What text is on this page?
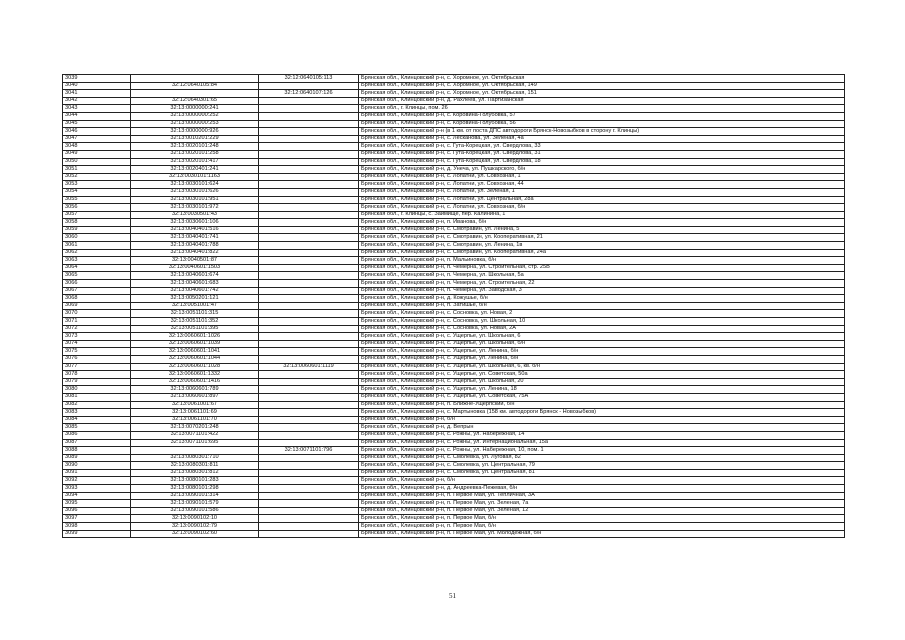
3039		32:12:0640105:113	Брянская обл., Клинцовский р-н, с. Хоромное, ул. Октябрьская
3040	32:12:0640105:84		Брянская обл., Клинцовский р-н, с. Хоромное, ул. Октябрьская, 149
3041		32:12:0640107:126	Брянская обл., Клинцовский р-н, с. Хоромное, ул. Октябрьская, 151
3042	32:12:0640301:65		Брянская обл., Клинцовский р-н, д. Рахлеев, ул. Партизанская
3043	32:13:0000000:241		Брянская обл., г. Клинцы, пом. 26
3044	32:13:0000000:252		Брянская обл., Клинцовский р-н, с. Коровина-Голубовка, 57
3045	32:13:0000000:253		Брянская обл., Клинцовский р-н, с. Коровина-Голубовка, 56
3046	32:13:0000000:926		Брянская обл., Клинцовский р-н (в 1 км. от поста ДПС автодороги Брянск-Новозыбков в сторону г. Клинцы)
3047	32:13:0010201:229		Брянская обл., Клинцовский р-н, с. Лесканова, ул. Зеленая, 4а
3048	32:13:0020101:248		Брянская обл., Клинцовский р-н, с. Гута-Корецкая, ул. Свердлова, 33
3049	32:13:0020101:258		Брянская обл., Клинцовский р-н, с. Гута-Корецкая, ул. Свердлова, 31
3050	32:13:0020101:417		Брянская обл., Клинцовский р-н, с. Гута-Корецкая, ул. Свердлова, 18
3051	32:13:0020401:241		Брянская обл., Клинцовский р-н, д. Унеча, ул. Пушкарского, б/н
3052	32:13:0030101:1163		Брянская обл., Клинцовский р-н, с. Лопатни, ул. Совхозная, 1
3053	32:13:0030101:624		Брянская обл., Клинцовский р-н, с. Лопатни, ул. Совхозная, 44
3054	32:13:0030101:626		Брянская обл., Клинцовский р-н, с. Лопатни, ул. Зеленая, 1
3055	32:13:0030101:951		Брянская обл., Клинцовский р-н, с. Лопатни, ул. Центральная, 28а
3056	32:13:0030101:972		Брянская обл., Клинцовский р-н, с. Лопатни, ул. Совхозная, б/н
3057	32:13:0030501:43		Брянская обл., г. Клинцы, с. Займище, пер. Калинина, 1
3058	32:13:0030601:106		Брянская обл., Клинцовский р-н, п. Иванова, б/н
3059	32:13:0040401:516		Брянская обл., Клинцовский р-н, с. Смотравин, ул. Ленина, 5
3060	32:13:0040401:741		Брянская обл., Клинцовский р-н, с. Смотравин, ул. Кооперативная, 21
3061	32:13:0040401:788		Брянская обл., Клинцовский р-н, с. Смотравин, ул. Ленина, 1в
3062	32:13:0040401:822		Брянская обл., Клинцовский р-н, с. Смотравин, ул. Кооперативная, 24а
3063	32:13:0040501:87		Брянская обл., Клинцовский р-н, п. Мальиновка, б/н
3064	32:13:0040601:1503		Брянская обл., Клинцовский р-н, п. Чемерна, ул. Строительная, стр. 25В
3065	32:13:0040601:674		Брянская обл., Клинцовский р-н, п. Чемерна, ул. Школьная, 5а
3066	32:13:0040601:683		Брянская обл., Клинцовский р-н, п. Чемерна, ул. Строительная, 22
3067	32:13:0040601:742		Брянская обл., Клинцовский р-н, п. Чемерна, ул. Заводская, 3
3068	32:13:0050201:121		Брянская обл., Клинцовский р-н, д. Кожушье, б/н
3069	32:13:0051001:47		Брянская обл., Клинцовский р-н, п. Затишье, б/н
3070	32:13:0051101:315		Брянская обл., Клинцовский р-н, с. Сосновка, ул. Новая, 2
3071	32:13:0051101:352		Брянская обл., Клинцовский р-н, с. Сосновка, ул. Школьная, 10
3072	32:13:0051101:395		Брянская обл., Клинцовский р-н, с. Сосновка, ул. Новая, 2А
3073	32:13:0060601:1026		Брянская обл., Клинцовский р-н, с. Ущерпье, ул. Школьная, 6
3074	32:13:0060601:1039		Брянская обл., Клинцовский р-н, с. Ущерпье, ул. Школьная, б/н
3075	32:13:0060601:1041		Брянская обл., Клинцовский р-н, с. Ущерпье, ул. Ленина, б/н
3076	32:13:0060601:1044		Брянская обл., Клинцовский р-н, с. Ущерпье, ул. Ленина, б/н
3077	32:13:0060601:1028	32:13:0060601:1119	Брянская обл., Клинцовский р-н, с. Ущерпье, ул. Школьная, 6, кв. б/н
3078	32:13:0060601:1332		Брянская обл., Клинцовский р-н, с. Ущерпье, ул. Советская, 50а
3079	32:13:0060601:1416		Брянская обл., Клинцовский р-н, с. Ущерпье, ул. Школьная, 20
3080	32:13:0060601:789		Брянская обл., Клинцовский р-н, с. Ущерпье, ул. Ленина, 18
3081	32:13:0060601:897		Брянская обл., Клинцовский р-н, с. Ущерпье, ул. Советская, 75А
3082	32:13:0061001:67		Брянская обл., Клинцовский р-н, п. Ближне-Ущерпский, б/н
3083	32:13:0061101:69		Брянская обл., Клинцовский р-н, с. Мартыновка (158 км. автодороги Брянск - Новозыбков)
3084	32:13:0061101:70		Брянская обл., Клинцовский р-н, б/н
3085	32:13:0070201:248		Брянская обл., Клинцовский р-н, д. Вепрын
3086	32:13:0071101:422		Брянская обл., Клинцовский р-н, с. Рожны, ул. Набережная, 14
3087	32:13:0071101:695		Брянская обл., Клинцовский р-н, с. Рожны, ул. Интернациональная, 15а
3088		32:13:0071101:796	Брянская обл., Клинцовский р-н, с. Рожны, ул. Набережная, 10, пом. 1
3089	32:13:0080301:710		Брянская обл., Клинцовский р-н, с. Смолевка, ул. Луговая, 82
3090	32:13:0080301:811		Брянская обл., Клинцовский р-н, с. Смолевка, ул. Центральная, 79
3091	32:13:0080301:812		Брянская обл., Клинцовский р-н, с. Смолевка, ул. Центральная, 81
3092	32:13:0080101:283		Брянская обл., Клинцовский р-н, б/н
3093	32:13:0080101:298		Брянская обл., Клинцовский р-н, д. Андреевка-Пежевая, б/н
3094	32:13:0090101:314		Брянская обл., Клинцовский р-н, п. Первое Мая, ул. Тепличная, 3А
3095	32:13:0090101:579		Брянская обл., Клинцовский р-н, п. Первое Мая, ул. Зеленая, 7а
3096	32:13:0090101:586		Брянская обл., Клинцовский р-н, п. Первое Мая, ул. Зеленая, 12
3097	32:13:0090102:10		Брянская обл., Клинцовский р-н, п. Первое Мая, б/н
3098	32:13:0090102:79		Брянская обл., Клинцовский р-н, п. Первое Мая, б/н
3099	32:13:0090102:60		Брянская обл., Клинцовский р-н, п. Первое Мая, ул. Молодежная, б/н
51
